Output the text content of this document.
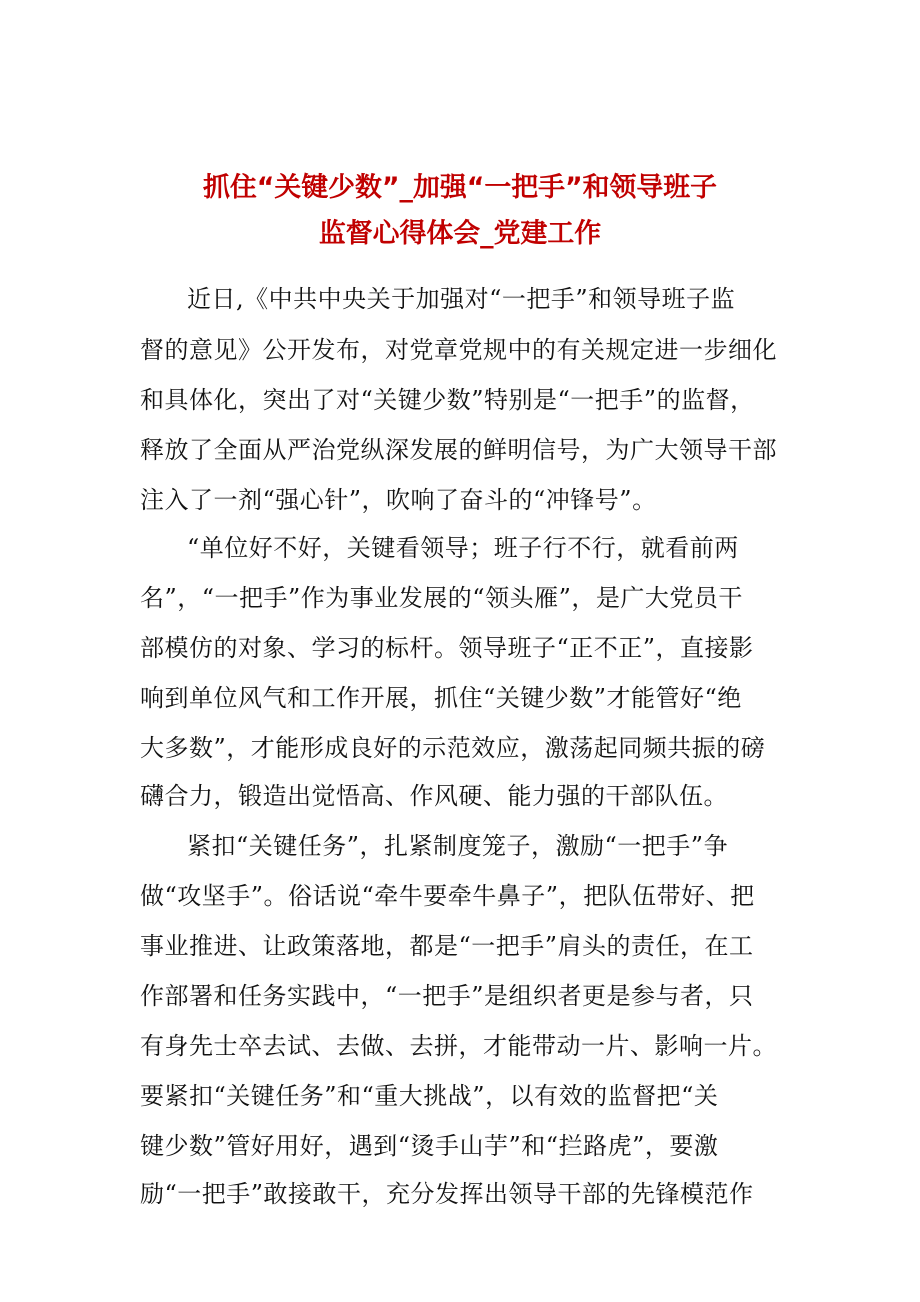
抓住“关键少数”_加强“一把手”和领导班子
监督心得体会_党建工作
近日,《中共中央关于加强对“一把手”和领导班子监
督的意见》公开发布，对党章党规中的有关规定进一步细化
和具体化，突出了对“关键少数”特别是“一把手”的监督，
释放了全面从严治党纵深发展的鲜明信号，为广大领导干部
注入了一剂“强心针”，吹响了奋斗的“冲锋号”。
“单位好不好，关键看领导；班子行不行，就看前两
名”，“一把手”作为事业发展的“领头雁”，是广大党员干
部模仿的对象、学习的标杆。领导班子“正不正”，直接影
响到单位风气和工作开展，抓住“关键少数”才能管好“绝
大多数”，才能形成良好的示范效应，激荡起同频共振的磅
礴合力，锻造出觉悟高、作风硬、能力强的干部队伍。
紧扣“关键任务”，扎紧制度笼子，激励“一把手”争
做“攻坚手”。俗话说“牵牛要牵牛鼻子”，把队伍带好、把
事业推进、让政策落地，都是“一把手”肩头的责任，在工
作部署和任务实践中，“一把手”是组织者更是参与者，只
有身先士卒去试、去做、去拼，才能带动一片、影响一片。
要紧扣“关键任务”和“重大挑战”，以有效的监督把“关
键少数”管好用好，遇到“烫手山芋”和“拦路虎”，要激
励“一把手”敢接敢干，充分发挥出领导干部的先锋模范作
